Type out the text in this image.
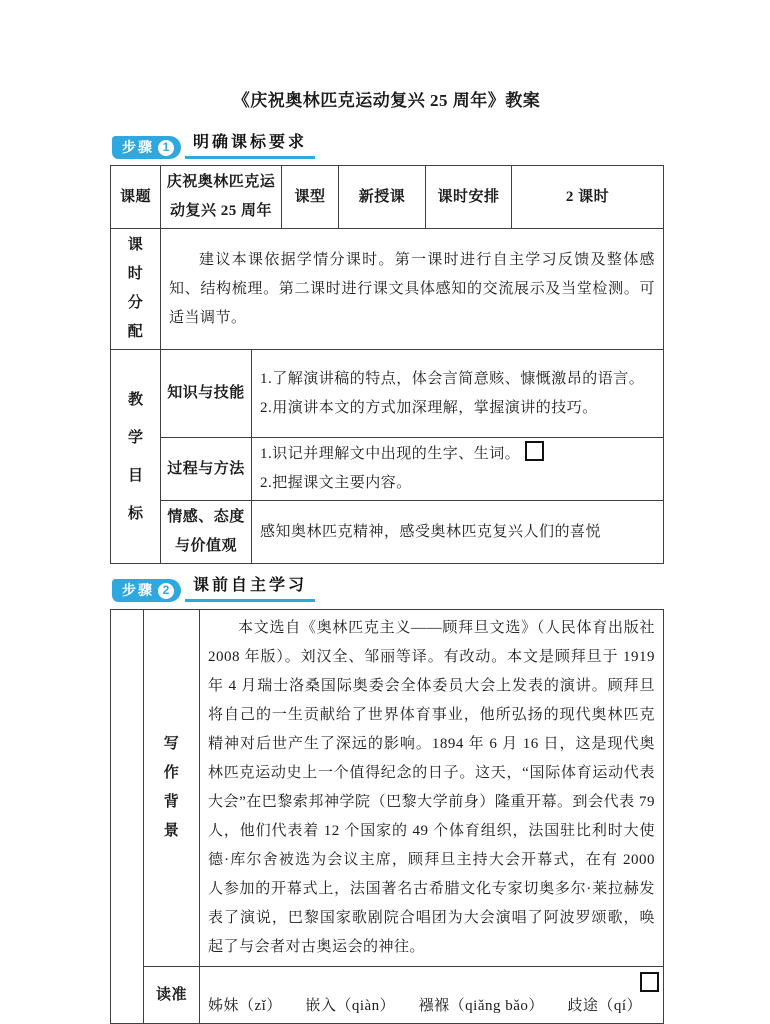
《庆祝奥林匹克运动复兴 25 周年》教案
步骤 1	明确课标要求
课题	庆祝奥林匹克运动复兴 25 周年		课型	新授课	课时安排	2 课时

课时分配	建议本课依据学情分课时。第一课时进行自主学习反馈及整体感知、结构梳理。第二课时进行课文具体感知的交流展示及当堂检测。可适当调节。					

教学目标	知识与技能	1.了解演讲稿的特点，体会言简意赅、慷慨激昂的语言。
2.用演讲本文的方式加深理解，掌握演讲的技巧。				

	过程与方法	1.识记并理解文中出现的生字、生词。
2.把握课文主要内容。				

	情感、态度与价值观	感知奥林匹克精神，感受奥林匹克复兴人们的喜悦				
步骤 2	课前自主学习

	写作背景	本文选自《奥林匹克主义——顾拜旦文选》（人民体育出版社 2008 年版）。刘汉全、邹丽等译。有改动。本文是顾拜旦于 1919 年 4 月瑞士洛桑国际奥委会全体委员大会上发表的演讲。顾拜旦将自己的一生贡献给了世界体育事业，他所弘扬的现代奥林匹克精神对后世产生了深远的影响。1894 年 6 月 16 日，这是现代奥林匹克运动史上一个值得纪念的日子。这天，“国际体育运动代表大会”在巴黎索邦神学院（巴黎大学前身）隆重开幕。到会代表 79 人，他们代表着 12 个国家的 49 个体育组织，法国驻比利时大使德·库尔舍被选为会议主席，顾拜旦主持大会开幕式，在有 2000 人参加的开幕式上，法国著名古希腊文化专家切奥多尔·莱拉赫发表了演说，巴黎国家歌剧院合唱团为大会演唱了阿波罗颂歌，唤起了与会者对古奥运会的神往。

	读准	姊妹（zǐ）　　嵌入（qiàn）　　襁褓（qiǎng bǎo）　　歧途（qí）
